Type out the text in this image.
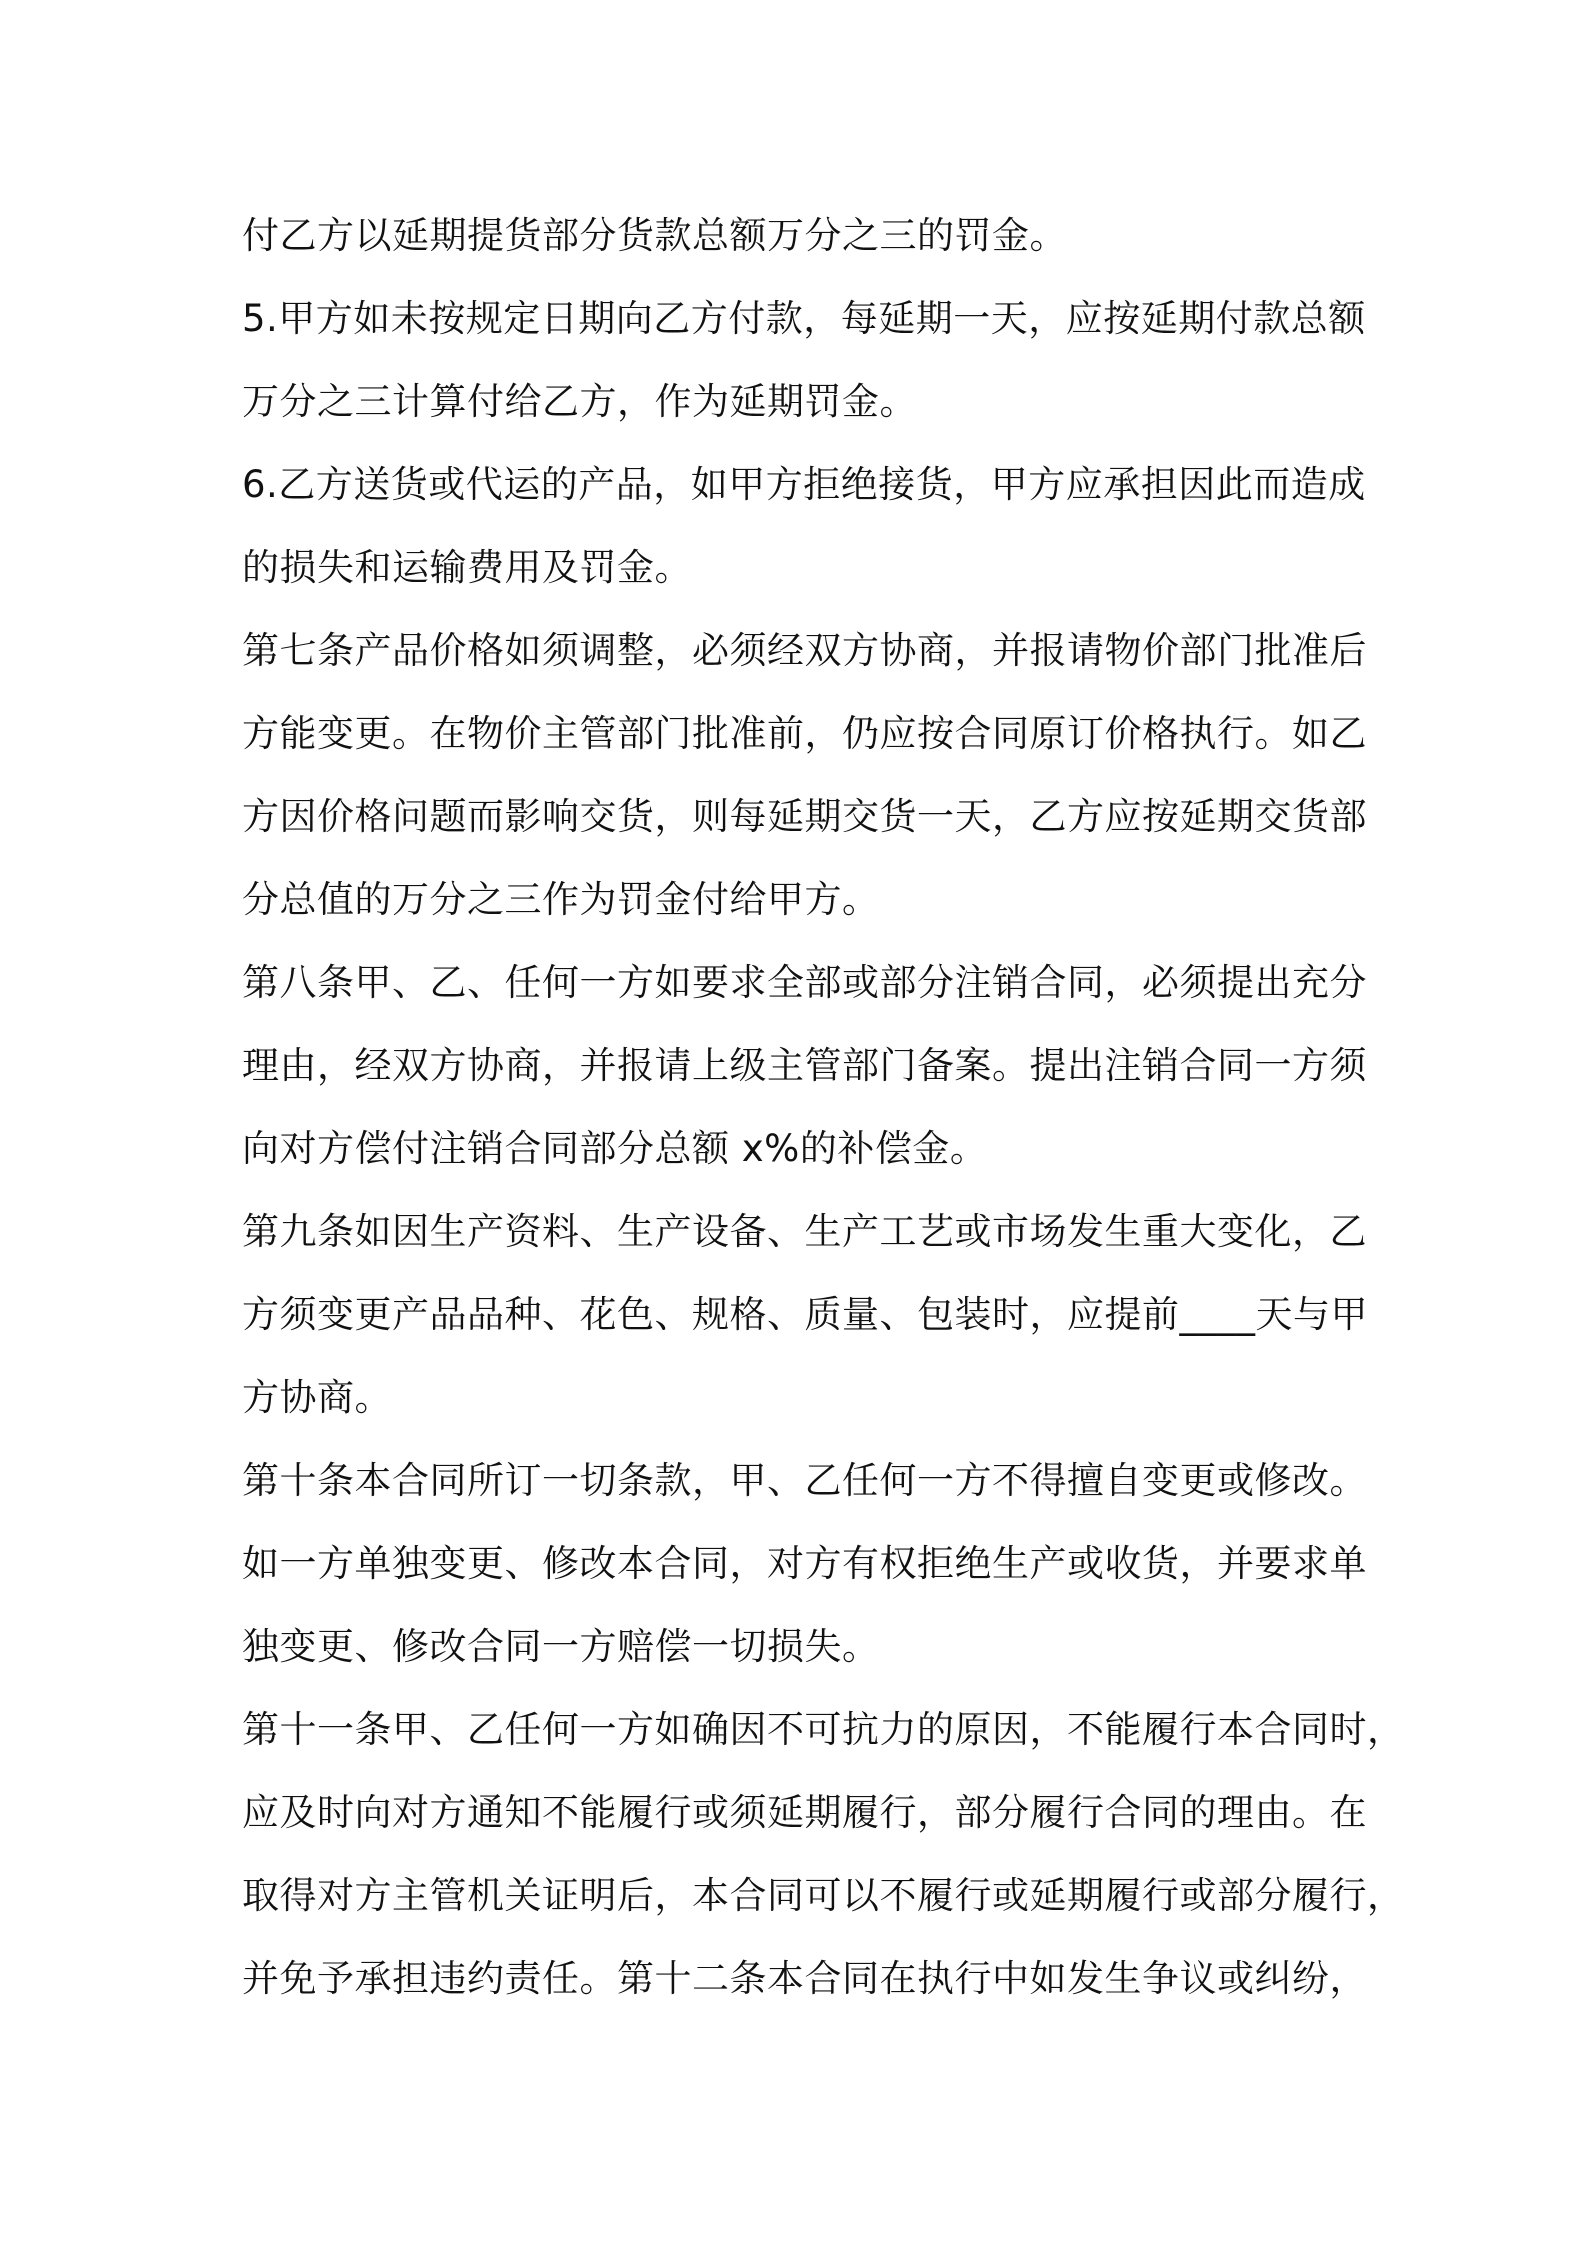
付乙方以延期提货部分货款总额万分之三的罚金。
5.甲方如未按规定日期向乙方付款，每延期一天，应按延期付款总额
万分之三计算付给乙方，作为延期罚金。
6.乙方送货或代运的产品，如甲方拒绝接货，甲方应承担因此而造成
的损失和运输费用及罚金。
第七条产品价格如须调整，必须经双方协商，并报请物价部门批准后
方能变更。在物价主管部门批准前，仍应按合同原订价格执行。如乙
方因价格问题而影响交货，则每延期交货一天，乙方应按延期交货部
分总值的万分之三作为罚金付给甲方。
第八条甲、乙、任何一方如要求全部或部分注销合同，必须提出充分
理由，经双方协商，并报请上级主管部门备案。提出注销合同一方须
向对方偿付注销合同部分总额 x%的补偿金。
第九条如因生产资料、生产设备、生产工艺或市场发生重大变化，乙
方须变更产品品种、花色、规格、质量、包装时，应提前____天与甲
方协商。
第十条本合同所订一切条款，甲、乙任何一方不得擅自变更或修改。
如一方单独变更、修改本合同，对方有权拒绝生产或收货，并要求单
独变更、修改合同一方赔偿一切损失。
第十一条甲、乙任何一方如确因不可抗力的原因，不能履行本合同时，
应及时向对方通知不能履行或须延期履行，部分履行合同的理由。在
取得对方主管机关证明后，本合同可以不履行或延期履行或部分履行，
并免予承担违约责任。第十二条本合同在执行中如发生争议或纠纷，
